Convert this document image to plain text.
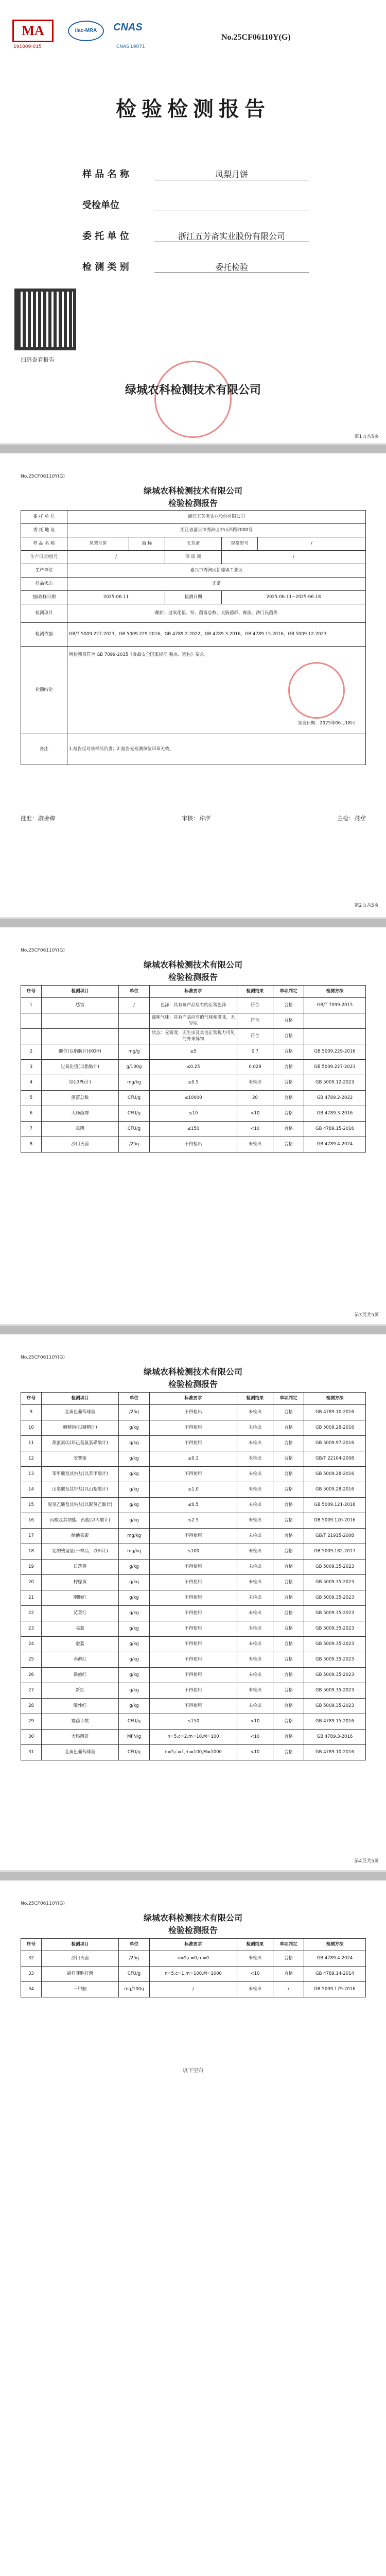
MA
191009-015
ilac-MRA	CNAS
CNAS L9071
No.25CF06110Y(G)
检验检测报告
样 品 名 称	凤梨月饼
受检单位
委 托 单 位	浙江五芳斋实业股份有限公司
检 测 类 别	委托检验
扫码查看报告
绿城农科检测技术有限公司
第1页共5页
No.25CF06110Y(G)
绿城农科检测技术有限公司
检验检测报告
委 托 单 位	浙江五芳斋实业股份有限公司				
委 托 地 址	浙江省嘉兴市秀洲区中山西路2000号				
样 品 名 称	凤梨月饼	商 标	五芳斋	规格型号	/
生产日期/批号	/		保 质 期	/	
生产单位	嘉兴市秀洲区新塍镇工业区				
样品状态	正常				
抽/收样日期	2025-06-11		检测日期	2025-06-11~2025-06-18	
检测项目	酸价、过氧化值、铅、菌落总数、大肠菌群、霉菌、沙门氏菌等				
检测依据	GB/T 5009.227-2023、GB 5009.229-2016、GB 4789.2-2022、GB 4789.3-2016、GB 4789.15-2016、GB 5009.12-2023				
检测结论	所检项目符合 GB 7099-2015《食品安全国家标准 糕点、面包》要求。
签发日期：2025年06月18日				

备注	1.报告仅对该样品负责；2.报告无检测单位印章无效。				
批准：骆金梅	审核：许萍	主检：沈佳
第2页共5页
No.25CF06110Y(G)
绿城农科检测技术有限公司
检验检测报告
序号	检测项目	单位	标准要求	检测结果	单项判定	检测方法
1	感官	/	色泽：具有该产品应有的正常色泽	符合	合格	GB/T 7099-2015
			滋味气味：具有产品应有的气味和滋味，无异味	符合	合格	
			状态：无霉变、无生虫及其他正常视力可见的外来异物	符合	合格	
2	酸价(以脂肪计)(KOH)	mg/g	≤5	0.7	合格	GB 5009.229-2016
3	过氧化值(以脂肪计)	g/100g	≤0.25	0.029	合格	GB 5009.227-2023
4	铅(以Pb计)	mg/kg	≤0.5	未检出	合格	GB 5009.12-2023
5	菌落总数	CFU/g	≤10000	20	合格	GB 4789.2-2022
6	大肠菌群	CFU/g	≤10	<10	合格	GB 4789.3-2016
7	霉菌	CFU/g	≤150	<10	合格	GB 4789.15-2016
8	沙门氏菌	/25g	不得检出	未检出	合格	GB 4789.4-2024
第3页共5页
No.25CF06110Y(G)
绿城农科检测技术有限公司
检验检测报告
序号	检测项目	单位	标准要求	检测结果	单项判定	检测方法
9	金黄色葡萄球菌	/25g	不得检出	未检出	合格	GB 4789.10-2016
10	糖精钠(以糖精计)	g/kg	不得使用	未检出	合格	GB 5009.28-2016
11	甜蜜素(以环己基氨基磺酸计)	g/kg	不得使用	未检出	合格	GB 5009.97-2016
12	安赛蜜	g/kg	≤0.3	未检出	合格	GB/T 22104-2008
13	苯甲酸及其钠盐(以苯甲酸计)	g/kg	不得使用	未检出	合格	GB 5009.28-2016
14	山梨酸及其钾盐(以山梨酸计)	g/kg	≤1.0	未检出	合格	GB 5009.28-2016
15	脱氢乙酸及其钠盐(以脱氢乙酸计)	g/kg	≤0.5	未检出	合格	GB 5009.121-2016
16	丙酸及其钠盐、钙盐(以丙酸计)	g/kg	≤2.5	未检出	合格	GB 5009.120-2016
17	纳他霉素	mg/kg	不得使用	未检出	合格	GB/T 21915-2008
18	铝的残留量(干样品，以Al计)	mg/kg	≤100	未检出	合格	GB 5009.182-2017
19	日落黄	g/kg	不得使用	未检出	合格	GB 5009.35-2023
20	柠檬黄	g/kg	不得使用	未检出	合格	GB 5009.35-2023
21	胭脂红	g/kg	不得使用	未检出	合格	GB 5009.35-2023
22	苋菜红	g/kg	不得使用	未检出	合格	GB 5009.35-2023
23	亮蓝	g/kg	不得使用	未检出	合格	GB 5009.35-2023
24	靛蓝	g/kg	不得使用	未检出	合格	GB 5009.35-2023
25	赤藓红	g/kg	不得使用	未检出	合格	GB 5009.35-2023
26	诱惑红	g/kg	不得使用	未检出	合格	GB 5009.35-2023
27	新红	g/kg	不得使用	未检出	合格	GB 5009.35-2023
28	酸性红	g/kg	不得使用	未检出	合格	GB 5009.35-2023
29	霉菌计数	CFU/g	≤150	<10	合格	GB 4789.15-2016
30	大肠菌群	MPN/g	n=5,c=2,m=10,M=100	<10	合格	GB 4789.3-2016
31	金黄色葡萄球菌	CFU/g	n=5,c=1,m=100,M=1000	<10	合格	GB 4789.10-2016
第4页共5页
No.25CF06110Y(G)
绿城农科检测技术有限公司
检验检测报告
序号	检测项目	单位	标准要求	检测结果	单项判定	检测方法
32	沙门氏菌	/25g	n=5,c=0,m=0	未检出	合格	GB 4789.4-2024
33	蜡样芽胞杆菌	CFU/g	n=5,c=1,m=100,M=1000	<10	合格	GB 4789.14-2014
34	三甲胺	mg/100g	/	未检出	/	GB 5009.179-2016
以下空白
